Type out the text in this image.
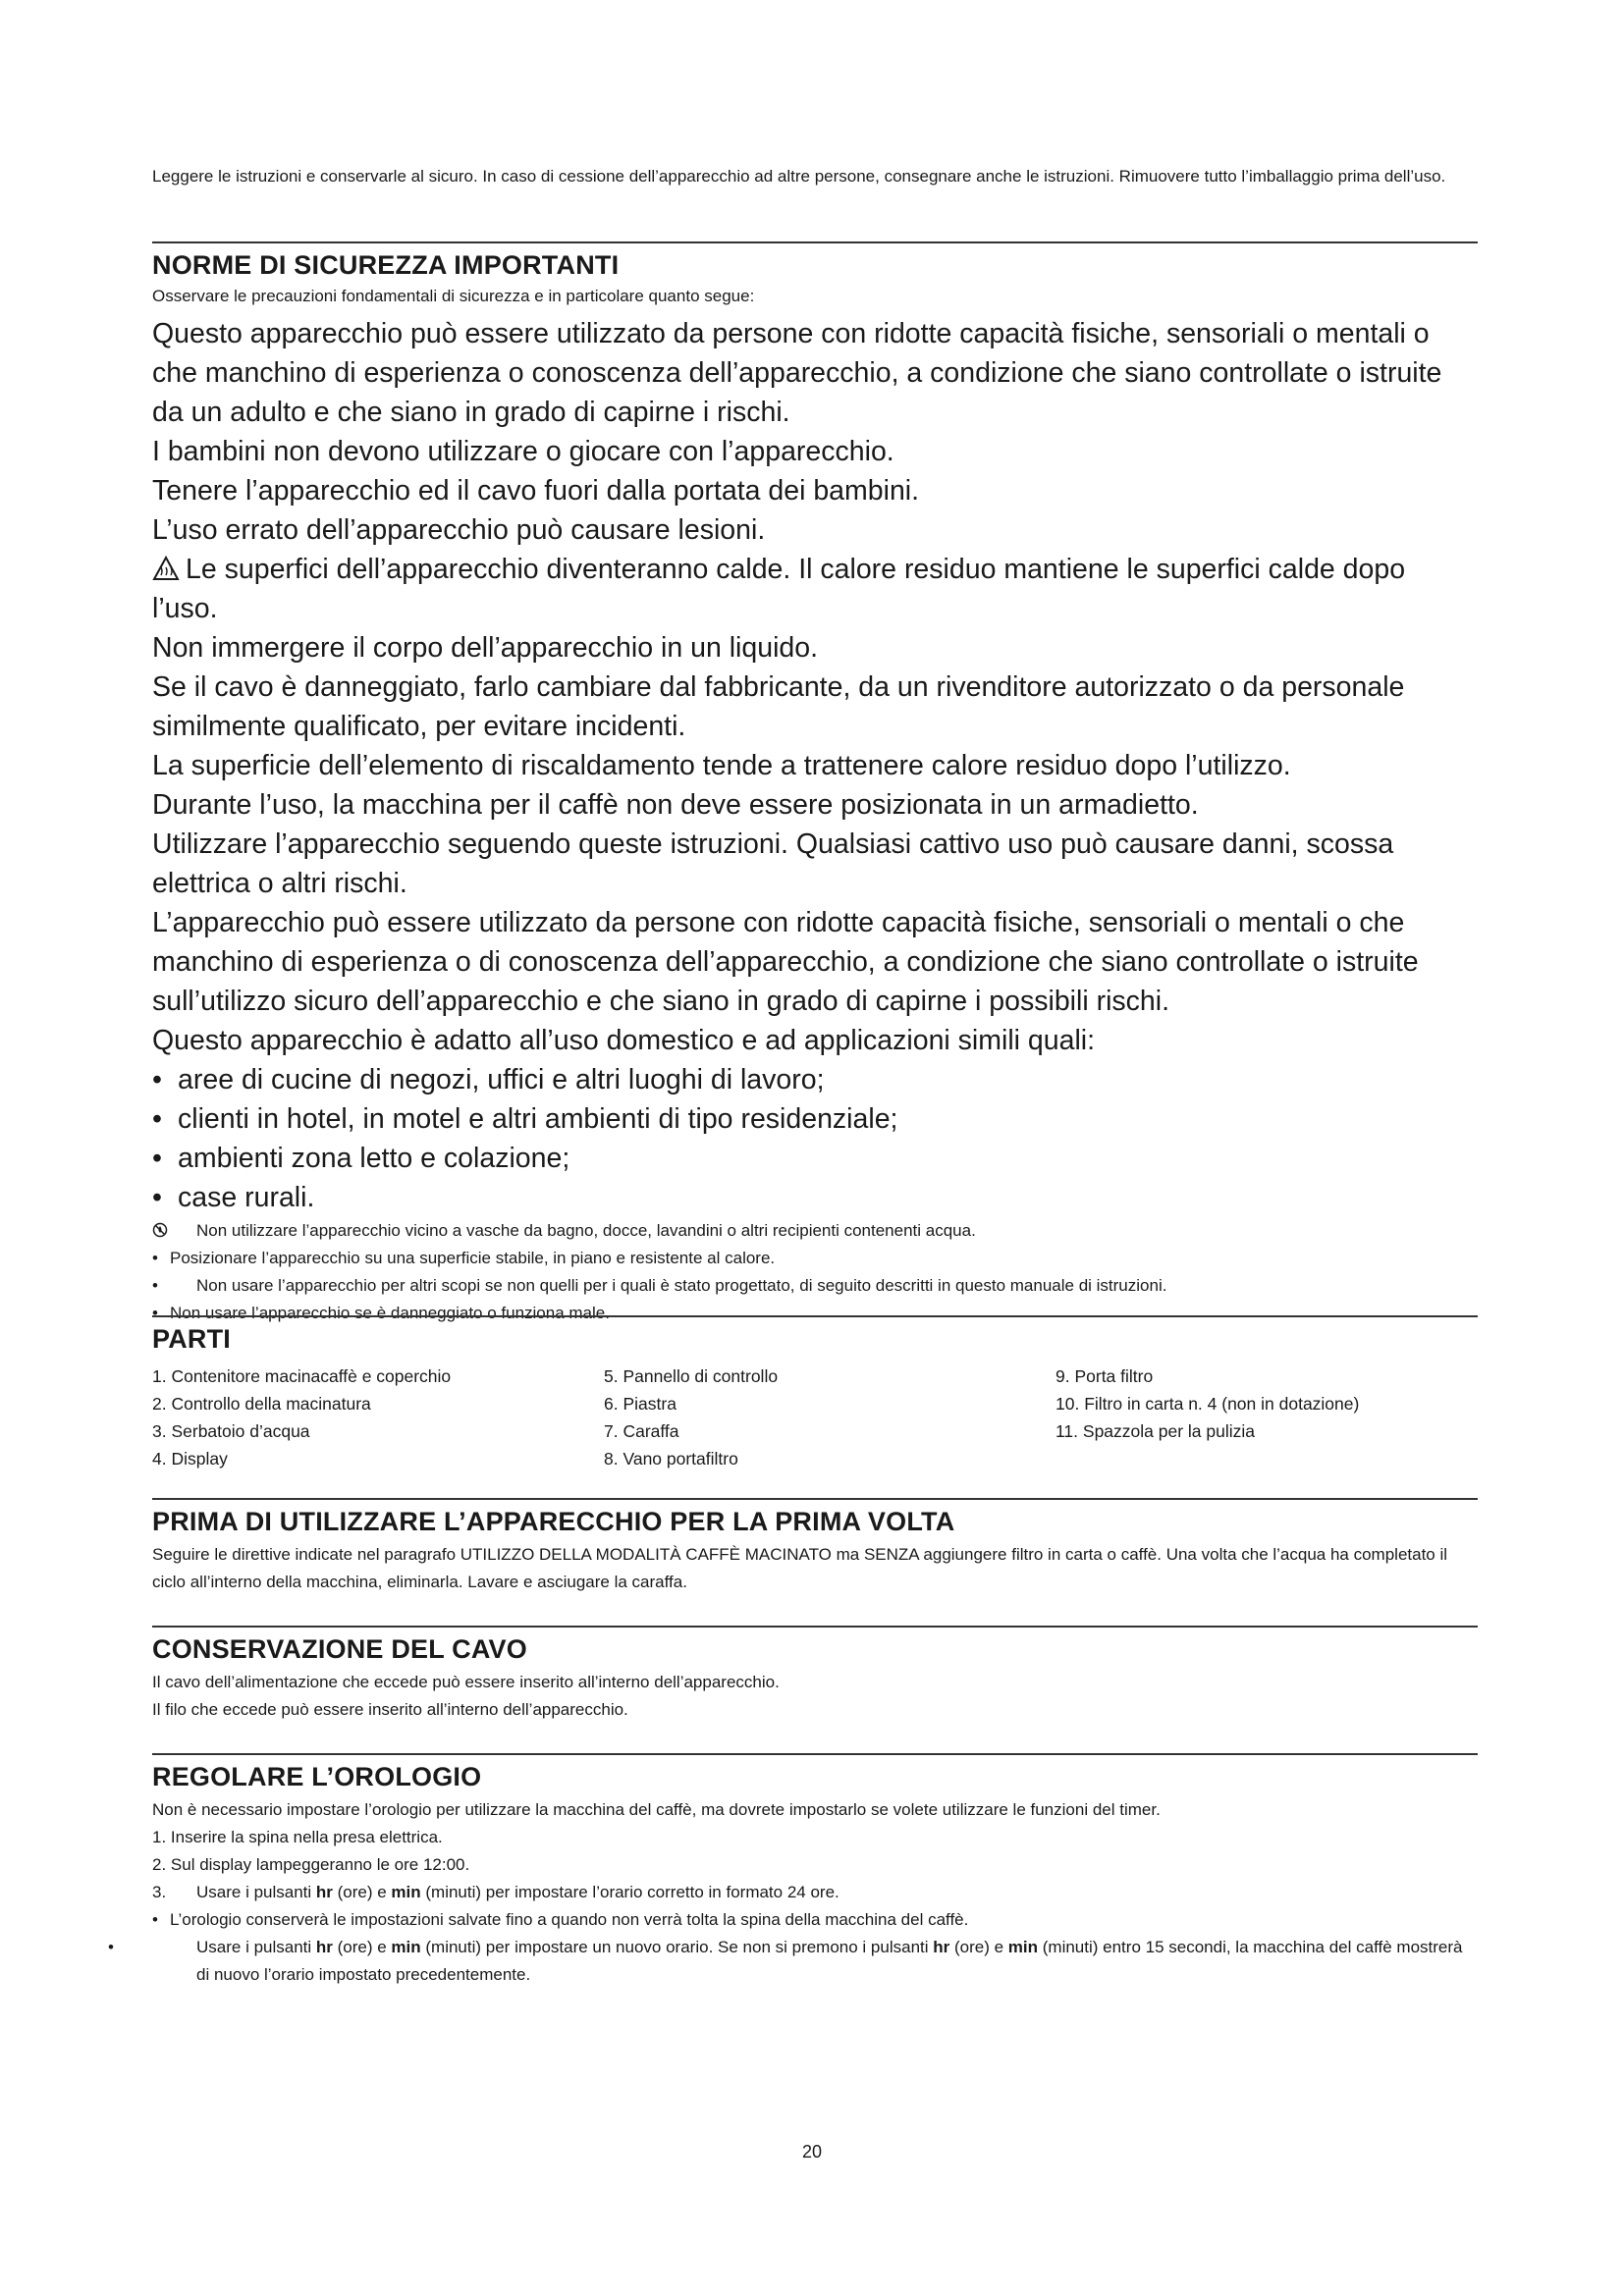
Leggere le istruzioni e conservarle al sicuro. In caso di cessione dell’apparecchio ad altre persone, consegnare anche le istruzioni. Rimuovere tutto l’imballaggio prima dell’uso.
NORME DI SICUREZZA IMPORTANTI
Osservare le precauzioni fondamentali di sicurezza e in particolare quanto segue:
Questo apparecchio può essere utilizzato da persone con ridotte capacità fisiche, sensoriali o mentali o che manchino di esperienza o conoscenza dell’apparecchio, a condizione che siano controllate o istruite da un adulto e che siano in grado di capirne i rischi.
I bambini non devono utilizzare o giocare con l’apparecchio.
Tenere l’apparecchio ed il cavo fuori dalla portata dei bambini.
L’uso errato dell’apparecchio può causare lesioni.
Le superfici dell’apparecchio diventeranno calde. Il calore residuo mantiene le superfici calde dopo l’uso.
Non immergere il corpo dell’apparecchio in un liquido.
Se il cavo è danneggiato, farlo cambiare dal fabbricante, da un rivenditore autorizzato o da personale similmente qualificato, per evitare incidenti.
La superficie dell’elemento di riscaldamento tende a trattenere calore residuo dopo l’utilizzo.
Durante l’uso, la macchina per il caffè non deve essere posizionata in un armadietto.
Utilizzare l’apparecchio seguendo queste istruzioni. Qualsiasi cattivo uso può causare danni, scossa elettrica o altri rischi.
L’apparecchio può essere utilizzato da persone con ridotte capacità fisiche, sensoriali o mentali o che manchino di esperienza o di conoscenza dell’apparecchio, a condizione che siano controllate o istruite sull’utilizzo sicuro dell’apparecchio e che siano in grado di capirne i possibili rischi.
Questo apparecchio è adatto all’uso domestico e ad applicazioni simili quali:
• aree di cucine di negozi, uffici e altri luoghi di lavoro;
• clienti in hotel, in motel e altri ambienti di tipo residenziale;
• ambienti zona letto e colazione;
• case rurali.
Non utilizzare l’apparecchio vicino a vasche da bagno, docce, lavandini o altri recipienti contenenti acqua.
• Posizionare l’apparecchio su una superficie stabile, in piano e resistente al calore.
• Non usare l’apparecchio per altri scopi se non quelli per i quali è stato progettato, di seguito descritti in questo manuale di istruzioni.
• Non usare l’apparecchio se è danneggiato o funziona male.
PARTI
1. Contenitore macinacaffè e coperchio
2. Controllo della macinatura
3. Serbatoio d’acqua
4. Display
5. Pannello di controllo
6. Piastra
7. Caraffa
8. Vano portafiltro
9. Porta filtro
10. Filtro in carta n. 4 (non in dotazione)
11. Spazzola per la pulizia
PRIMA DI UTILIZZARE L’APPARECCHIO PER LA PRIMA VOLTA
Seguire le direttive indicate nel paragrafo UTILIZZO DELLA MODALITÀ CAFFÈ MACINATO ma SENZA aggiungere filtro in carta o caffè. Una volta che l’acqua ha completato il ciclo all’interno della macchina, eliminarla. Lavare e asciugare la caraffa.
CONSERVAZIONE DEL CAVO
Il cavo dell’alimentazione che eccede può essere inserito all’interno dell’apparecchio.
Il filo che eccede può essere inserito all’interno dell’apparecchio.
REGOLARE L’OROLOGIO
Non è necessario impostare l’orologio per utilizzare la macchina del caffè, ma dovrete impostarlo se volete utilizzare le funzioni del timer.
1. Inserire la spina nella presa elettrica.
2. Sul display lampeggeranno le ore 12:00.
3. Usare i pulsanti hr (ore) e min (minuti) per impostare l’orario corretto in formato 24 ore.
• L’orologio conserverà le impostazioni salvate fino a quando non verrà tolta la spina della macchina del caffè.
•	Usare i pulsanti hr (ore) e min (minuti) per impostare un nuovo orario. Se non si premono i pulsanti hr (ore) e min (minuti) entro 15 secondi, la macchina del caffè mostrerà di nuovo l’orario impostato precedentemente.
20
